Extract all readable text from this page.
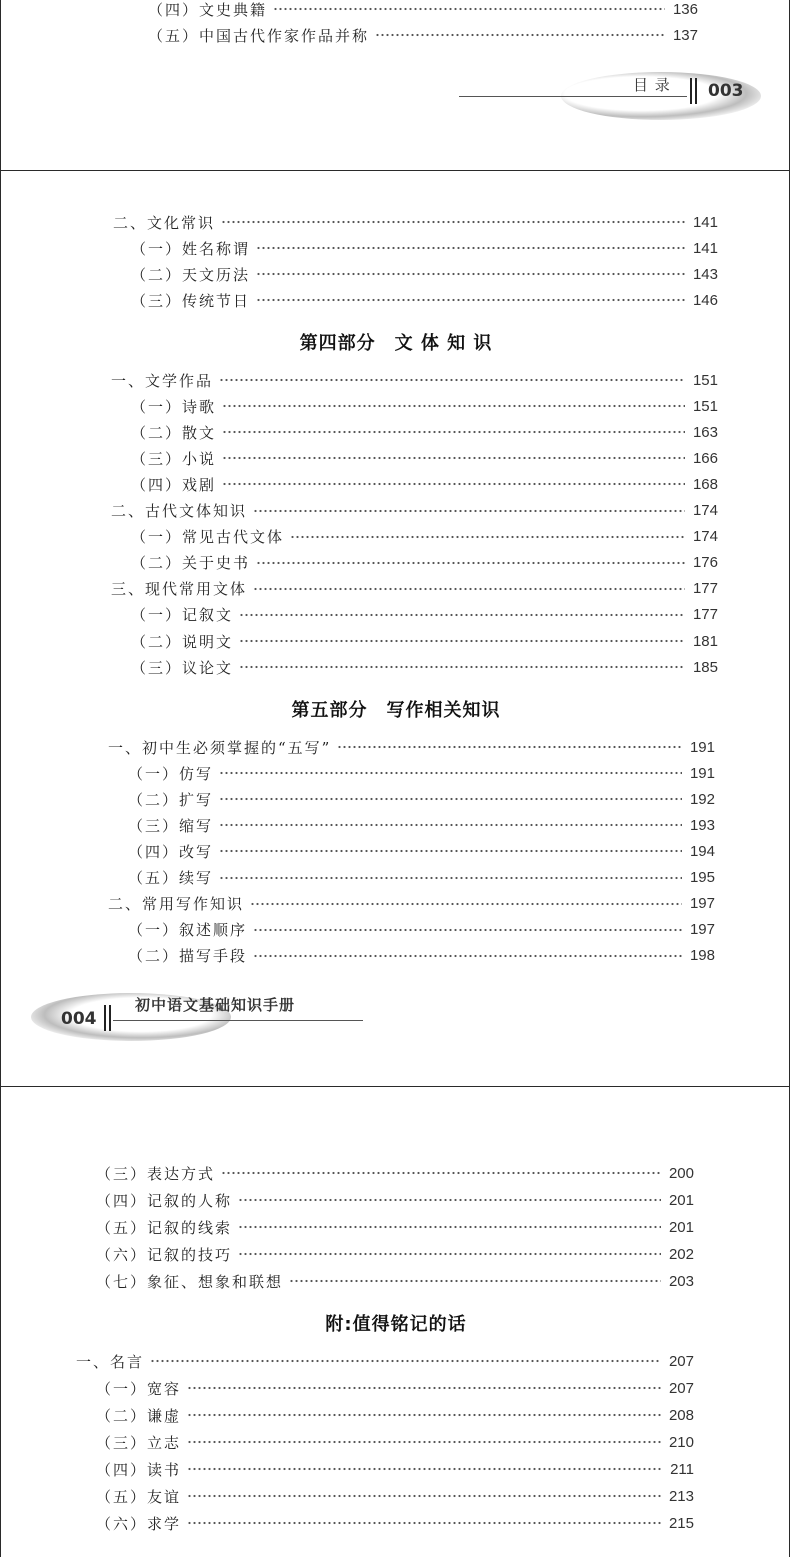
（四）文史典籍	136
（五）中国古代作家作品并称	137
目 录 003
二、文化常识	141
（一）姓名称谓	141
（二）天文历法	143
（三）传统节日	146
第四部分　文 体 知 识
一、文学作品	151
（一）诗歌	151
（二）散文	163
（三）小说	166
（四）戏剧	168
二、古代文体知识	174
（一）常见古代文体	174
（二）关于史书	176
三、现代常用文体	177
（一）记叙文	177
（二）说明文	181
（三）议论文	185
第五部分　写作相关知识
一、初中生必须掌握的“五写”	191
（一）仿写	191
（二）扩写	192
（三）缩写	193
（四）改写	194
（五）续写	195
二、常用写作知识	197
（一）叙述顺序	197
（二）描写手段	198
004
初中语文基础知识手册
（三）表达方式	200
（四）记叙的人称	201
（五）记叙的线索	201
（六）记叙的技巧	202
（七）象征、想象和联想	203
附:值得铭记的话
一、名言	207
（一）宽容	207
（二）谦虚	208
（三）立志	210
（四）读书	211
（五）友谊	213
（六）求学	215
